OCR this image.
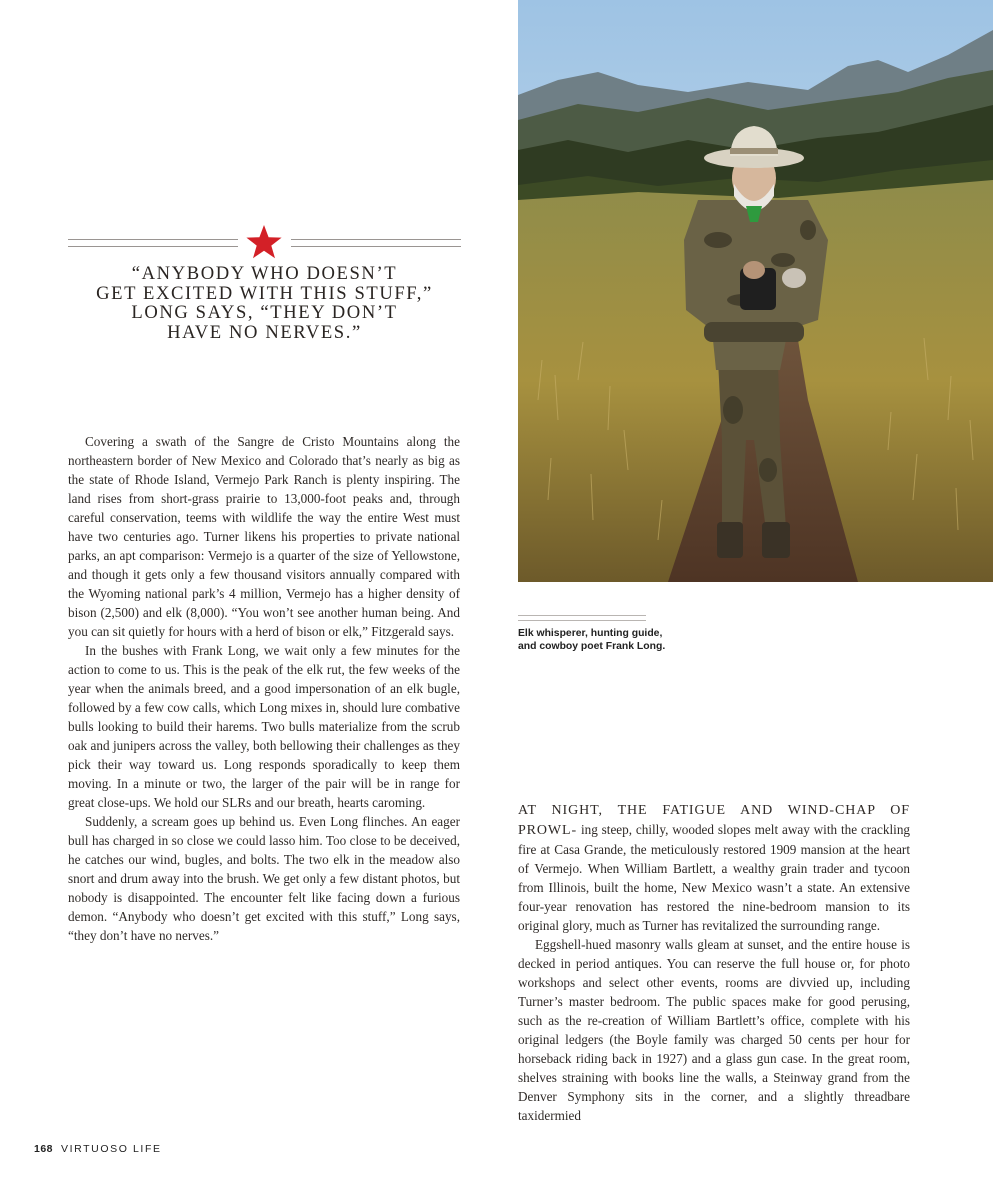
“ANYBODY WHO DOESN’T
GET EXCITED WITH THIS STUFF,”
LONG SAYS, “THEY DON’T
HAVE NO NERVES.”

Covering a swath of the Sangre de Cristo Mountains along the northeastern border of New Mexico and Colorado that’s nearly as big as the state of Rhode Island, Vermejo Park Ranch is plenty inspiring. The land rises from short-grass prairie to 13,000-foot peaks and, through careful conservation, teems with wildlife the way the entire West must have two centuries ago. Turner likens his properties to private national parks, an apt comparison: Vermejo is a quarter of the size of Yellowstone, and though it gets only a few thousand visitors annually compared with the Wyoming national park’s 4 million, Vermejo has a higher density of bison (2,500) and elk (8,000). “You won’t see another human being. And you can sit quietly for hours with a herd of bison or elk,” Fitzgerald says.

In the bushes with Frank Long, we wait only a few minutes for the action to come to us. This is the peak of the elk rut, the few weeks of the year when the animals breed, and a good impersonation of an elk bugle, followed by a few cow calls, which Long mixes in, should lure combative bulls looking to build their harems. Two bulls materialize from the scrub oak and junipers across the valley, both bellowing their challenges as they pick their way toward us. Long responds sporadically to keep them moving. In a minute or two, the larger of the pair will be in range for great close-ups. We hold our SLRs and our breath, hearts caroming.

Suddenly, a scream goes up behind us. Even Long flinches. An eager bull has charged in so close we could lasso him. Too close to be deceived, he catches our wind, bugles, and bolts. The two elk in the meadow also snort and drum away into the brush. We get only a few distant photos, but nobody is disappointed. The encounter felt like facing down a furious demon. “Anybody who doesn’t get excited with this stuff,” Long says, “they don’t have no nerves.”

Elk whisperer, hunting guide,
and cowboy poet Frank Long.

AT NIGHT, THE FATIGUE AND WIND-CHAP OF PROWL- ing steep, chilly, wooded slopes melt away with the crackling fire at Casa Grande, the meticulously restored 1909 mansion at the heart of Vermejo. When William Bartlett, a wealthy grain trader and tycoon from Illinois, built the home, New Mexico wasn’t a state. An extensive four-year renovation has restored the nine-bedroom mansion to its original glory, much as Turner has revitalized the surrounding range.

Eggshell-hued masonry walls gleam at sunset, and the entire house is decked in period antiques. You can reserve the full house or, for photo workshops and select other events, rooms are divvied up, including Turner’s master bedroom. The public spaces make for good perusing, such as the re-creation of William Bartlett’s office, complete with his original ledgers (the Boyle family was charged 50 cents per hour for horseback riding back in 1927) and a glass gun case. In the great room, shelves straining with books line the walls, a Steinway grand from the Denver Symphony sits in the corner, and a slightly threadbare taxidermied

168 VIRTUOSO LIFE
